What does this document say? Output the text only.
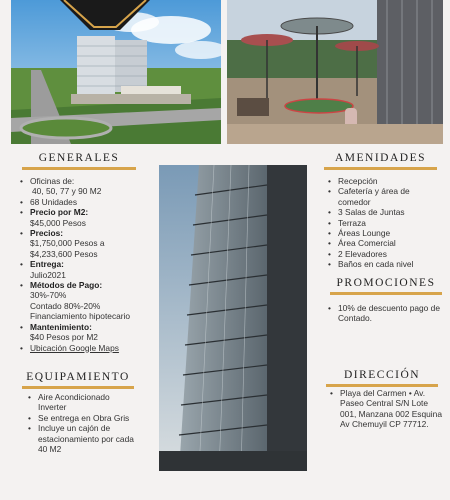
GENERALES
• Oficinas de:
40, 50, 77 y 90 M2
• 68 Unidades
• Precio por M2:
$45,000 Pesos
• Precios:
$1,750,000 Pesos a
$4,233,600 Pesos
• Entrega:
Julio2021
• Métodos de Pago:
30%-70%
Contado 80%-20%
Financiamiento hipotecario
• Mantenimiento:
$40 Pesos por M2
• Ubicación Google Maps
EQUIPAMIENTO
• Aire Acondicionado Inverter
• Se entrega en Obra Gris
• Incluye un cajón de estacionamiento por cada 40 M2
AMENIDADES
• Recepción
• Cafetería y área de comedor
• 3 Salas de Juntas
• Terraza
• Áreas Lounge
• Área Comercial
• 2 Elevadores
• Baños en cada nivel
PROMOCIONES
• 10% de descuento pago de Contado.
DIRECCIÓN
• Playa del Carmen • Av. Paseo Central S/N Lote 001, Manzana 002 Esquina Av Chemuyil CP 77712.
